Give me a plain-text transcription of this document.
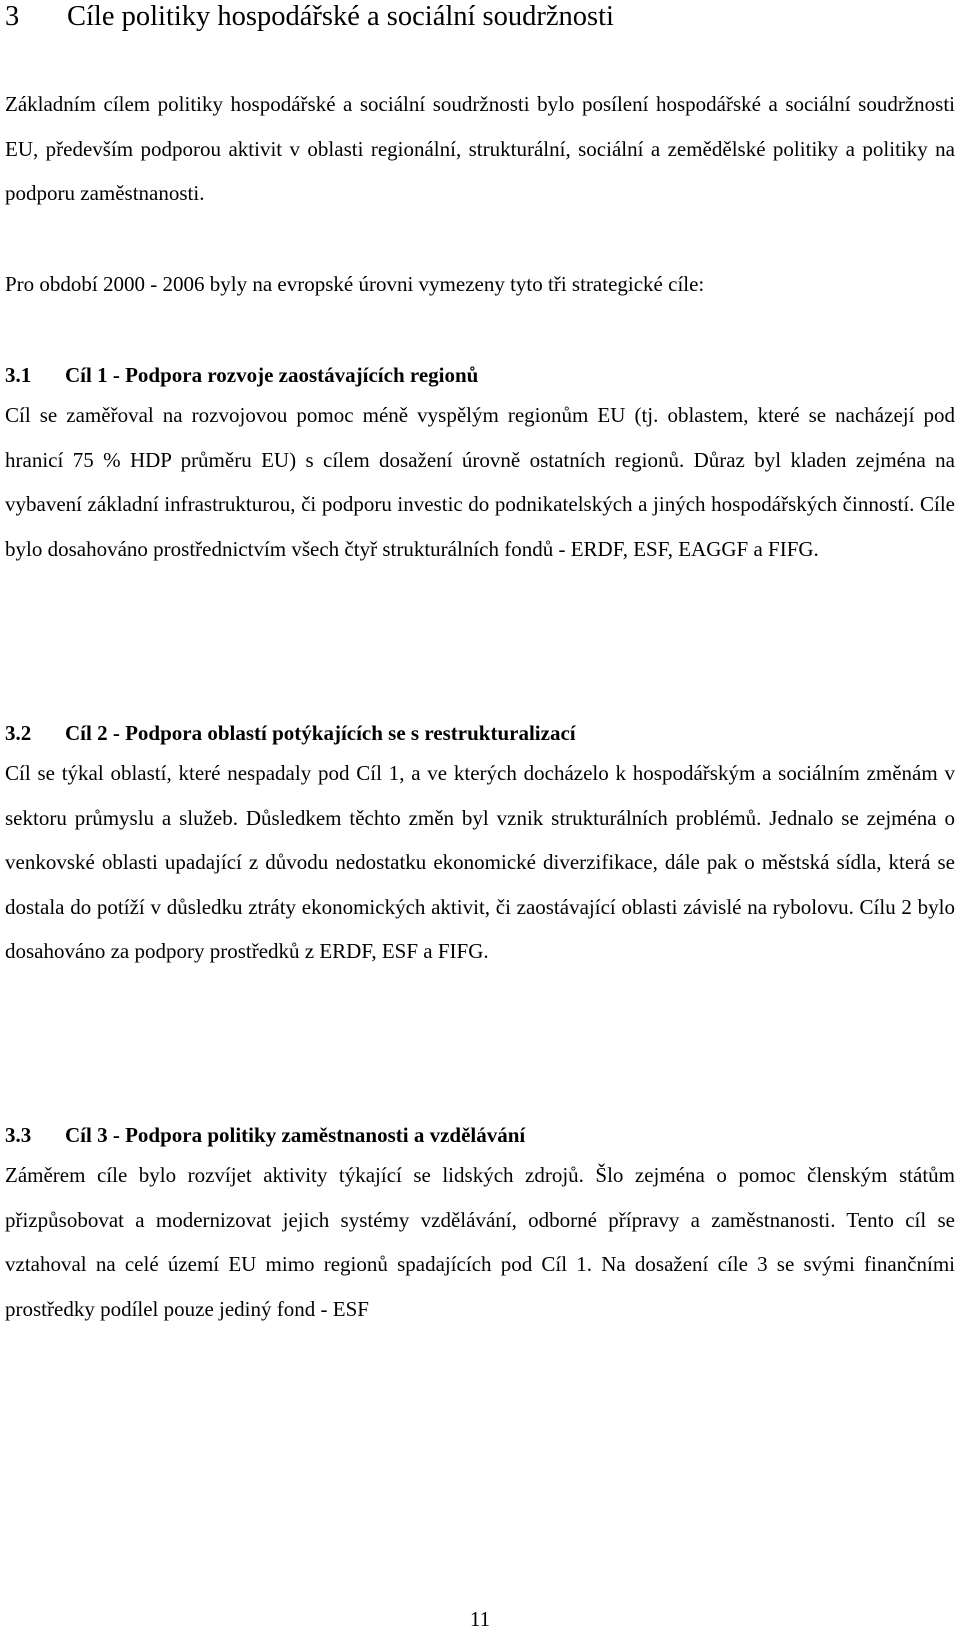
3 Cíle politiky hospodářské a sociální soudržnosti

Základním cílem politiky hospodářské a sociální soudržnosti bylo posílení hospodářské a sociální soudržnosti EU, především podporou aktivit v oblasti regionální, strukturální, sociální a zemědělské politiky a politiky na podporu zaměstnanosti.

Pro období 2000 - 2006 byly na evropské úrovni vymezeny tyto tři strategické cíle:

3.1 Cíl 1 - Podpora rozvoje zaostávajících regionů

Cíl se zaměřoval na rozvojovou pomoc méně vyspělým regionům EU (tj. oblastem, které se nacházejí pod hranicí 75 % HDP průměru EU) s cílem dosažení úrovně ostatních regionů. Důraz byl kladen zejména na vybavení základní infrastrukturou, či podporu investic do podnikatelských a jiných hospodářských činností. Cíle bylo dosahováno prostřednictvím všech čtyř strukturálních fondů - ERDF, ESF, EAGGF a FIFG.

3.2 Cíl 2 - Podpora oblastí potýkajících se s restrukturalizací

Cíl se týkal oblastí, které nespadaly pod Cíl 1, a ve kterých docházelo k hospodářským a sociálním změnám v sektoru průmyslu a služeb. Důsledkem těchto změn byl vznik strukturálních problémů. Jednalo se zejména o venkovské oblasti upadající z důvodu nedostatku ekonomické diverzifikace, dále pak o městská sídla, která se dostala do potíží v důsledku ztráty ekonomických aktivit, či zaostávající oblasti závislé na rybolovu. Cílu 2 bylo dosahováno za podpory prostředků z ERDF, ESF a FIFG.

3.3 Cíl 3 - Podpora politiky zaměstnanosti a vzdělávání

Záměrem cíle bylo rozvíjet aktivity týkající se lidských zdrojů. Šlo zejména o pomoc členským státům přizpůsobovat a modernizovat jejich systémy vzdělávání, odborné přípravy a zaměstnanosti. Tento cíl se vztahoval na celé území EU mimo regionů spadajících pod Cíl 1. Na dosažení cíle 3 se svými finančními prostředky podílel pouze jediný fond - ESF

11
